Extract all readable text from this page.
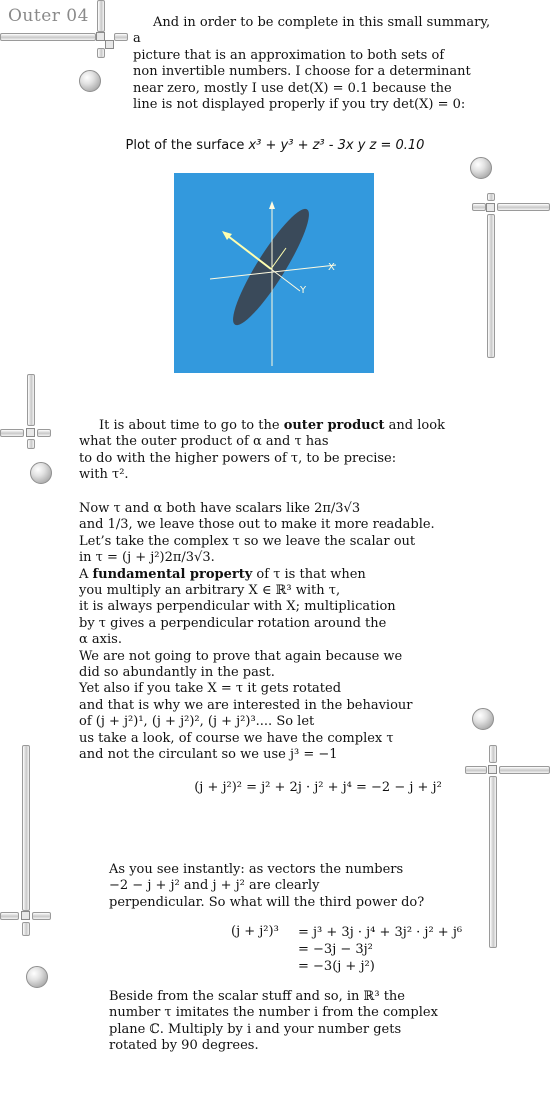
Outer 04	And in order to be complete in this small summary, a

picture that is an approximation to both sets of

non invertible numbers. I choose for a determinant

near zero, mostly I use det(X) = 0.1 because the

line is not displayed properly if you try det(X) = 0:

Plot of the surface x³ + y³ + z³ - 3x y z = 0.10
X
Y

It is about time to go to the outer product and look

what the outer product of α and τ has

to do with the higher powers of τ, to be precise:

with τ².

Now τ and α both have scalars like 2π/3√3

and 1/3, we leave those out to make it more readable.

Let’s take the complex τ so we leave the scalar out

in τ = (j + j²)2π/3√3.

A fundamental property of τ is that when

you multiply an arbitrary X ∈ ℝ³ with τ,

it is always perpendicular with X; multiplication

by τ gives a perpendicular rotation around the

α axis.

We are not going to prove that again because we

did so abundantly in the past.

Yet also if you take X = τ it gets rotated

and that is why we are interested in the behaviour

of (j + j²)¹, (j + j²)², (j + j²)³.... So let

us take a look, of course we have the complex τ

and not the circulant so we use j³ = −1

(j + j²)² = j² + 2j · j² + j⁴ = −2 − j + j²

As you see instantly: as vectors the numbers

−2 − j + j² and j + j² are clearly

perpendicular. So what will the third power do?

(j + j²)³ = j³ + 3j · j⁴ + 3j² · j² + j⁶
= −3j − 3j²
= −3(j + j²)

Beside from the scalar stuff and so, in ℝ³ the

number τ imitates the number i from the complex

plane ℂ. Multiply by i and your number gets

rotated by 90 degrees.
